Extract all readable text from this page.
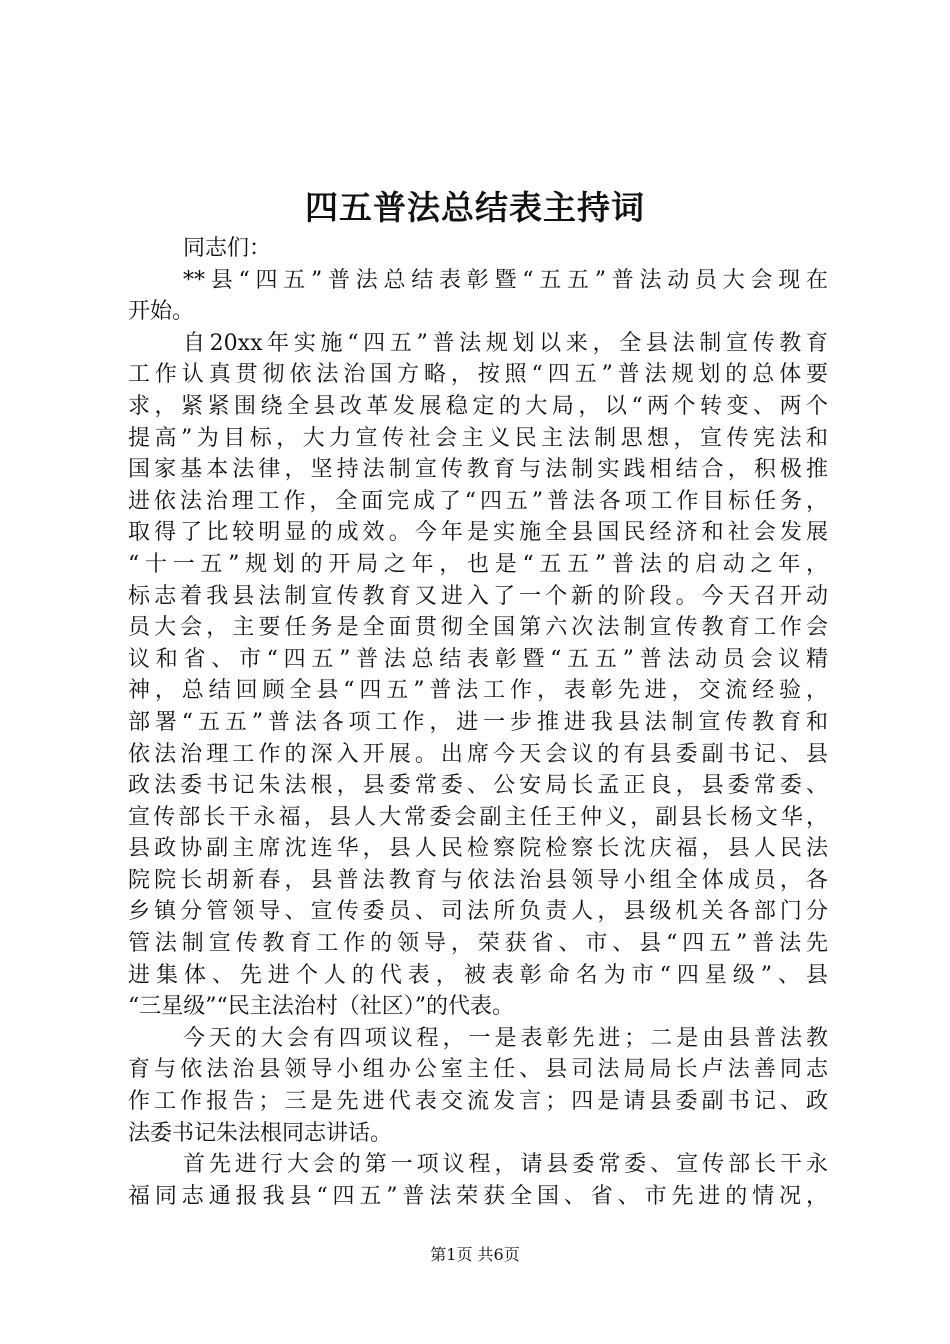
四五普法总结表主持词
同志们：
**县“四五”普法总结表彰暨“五五”普法动员大会现在
开始。
自20xx年实施“四五”普法规划以来，全县法制宣传教育
工作认真贯彻依法治国方略，按照“四五”普法规划的总体要
求，紧紧围绕全县改革发展稳定的大局，以“两个转变、两个
提高”为目标，大力宣传社会主义民主法制思想，宣传宪法和
国家基本法律，坚持法制宣传教育与法制实践相结合，积极推
进依法治理工作，全面完成了“四五”普法各项工作目标任务，
取得了比较明显的成效。今年是实施全县国民经济和社会发展
“十一五”规划的开局之年，也是“五五”普法的启动之年，
标志着我县法制宣传教育又进入了一个新的阶段。今天召开动
员大会，主要任务是全面贯彻全国第六次法制宣传教育工作会
议和省、市“四五”普法总结表彰暨“五五”普法动员会议精
神，总结回顾全县“四五”普法工作，表彰先进，交流经验，
部署“五五”普法各项工作，进一步推进我县法制宣传教育和
依法治理工作的深入开展。出席今天会议的有县委副书记、县
政法委书记朱法根，县委常委、公安局长孟正良，县委常委、
宣传部长干永福，县人大常委会副主任王仲义，副县长杨文华，
县政协副主席沈连华，县人民检察院检察长沈庆福，县人民法
院院长胡新春，县普法教育与依法治县领导小组全体成员，各
乡镇分管领导、宣传委员、司法所负责人，县级机关各部门分
管法制宣传教育工作的领导，荣获省、市、县“四五”普法先
进集体、先进个人的代表，被表彰命名为市“四星级”、县
“三星级”“民主法治村（社区）”的代表。
今天的大会有四项议程，一是表彰先进；二是由县普法教
育与依法治县领导小组办公室主任、县司法局局长卢法善同志
作工作报告；三是先进代表交流发言；四是请县委副书记、政
法委书记朱法根同志讲话。
首先进行大会的第一项议程，请县委常委、宣传部长干永
福同志通报我县“四五”普法荣获全国、省、市先进的情况，
第1页 共6页
